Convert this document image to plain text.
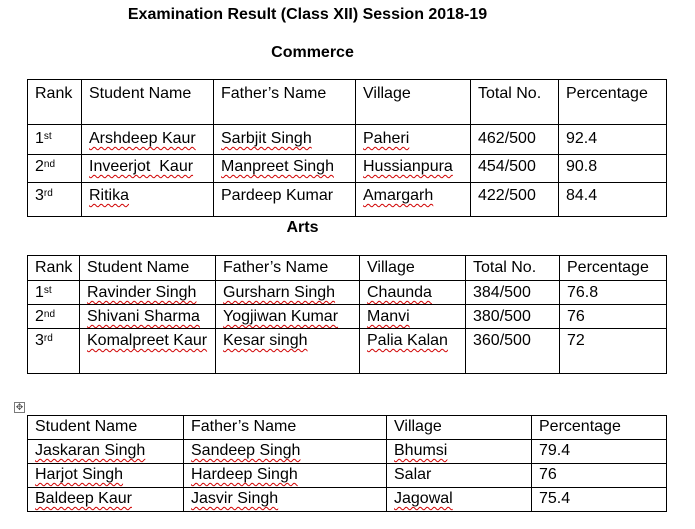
Examination Result (Class XII) Session 2018-19
Commerce
Rank	Student Name	Father’s Name	Village	Total No.	Percentage
1st	Arshdeep Kaur	Sarbjit Singh	Paheri	462/500	92.4
2nd	Inveerjot  Kaur	Manpreet Singh	Hussianpura	454/500	90.8
3rd	Ritika	Pardeep Kumar	Amargarh	422/500	84.4
Arts
Rank	Student Name	Father’s Name	Village	Total No.	Percentage
1st	Ravinder Singh	Gursharn Singh	Chaunda	384/500	76.8
2nd	Shivani Sharma	Yogjiwan Kumar	Manvi	380/500	76
3rd	Komalpreet Kaur	Kesar singh	Palia Kalan	360/500	72
✥
Student Name	Father’s Name	Village	Percentage
Jaskaran Singh	Sandeep Singh	Bhumsi	79.4
Harjot Singh	Hardeep Singh	Salar	76
Baldeep Kaur	Jasvir Singh	Jagowal	75.4
